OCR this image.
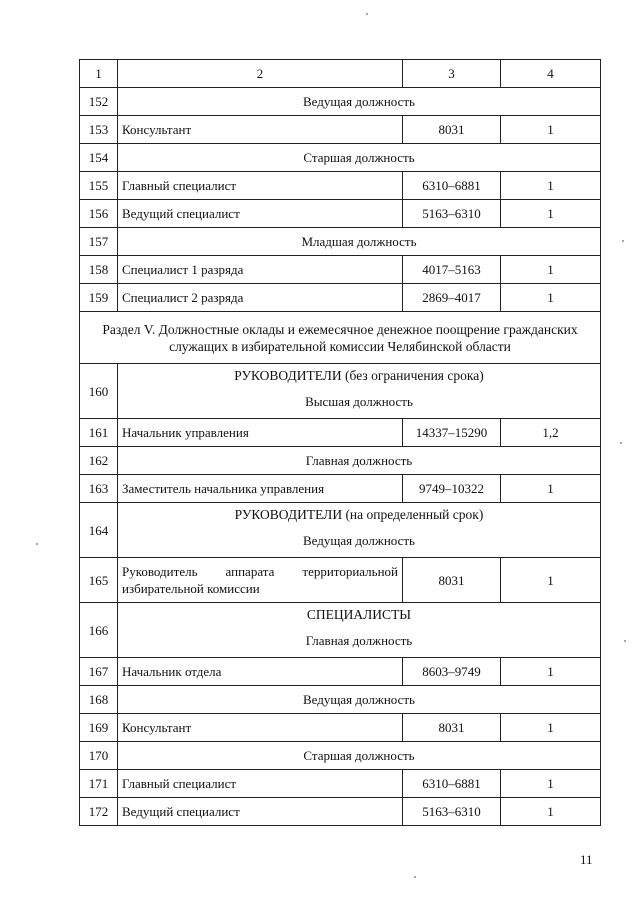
1	2	3	4
152	Ведущая должность		
153	Консультант	8031	1
154	Старшая должность		
155	Главный специалист	6310–6881	1
156	Ведущий специалист	5163–6310	1
157	Младшая должность		
158	Специалист 1 разряда	4017–5163	1
159	Специалист 2 разряда	2869–4017	1
Раздел V. Должностные оклады и ежемесячное денежное поощрение гражданских служащих в избирательной комиссии Челябинской области			
160	РУКОВОДИТЕЛИ (без ограничения срока)
Высшая должность		

161	Начальник управления	14337–15290	1,2
162	Главная должность		
163	Заместитель начальника управления	9749–10322	1
164	РУКОВОДИТЕЛИ (на определенный срок)
Ведущая должность		

165	Руководитель аппарата территориальной избирательной комиссии	8031	1
166	СПЕЦИАЛИСТЫ
Главная должность		

167	Начальник отдела	8603–9749	1
168	Ведущая должность		
169	Консультант	8031	1
170	Старшая должность		
171	Главный специалист	6310–6881	1
172	Ведущий специалист	5163–6310	1
11
